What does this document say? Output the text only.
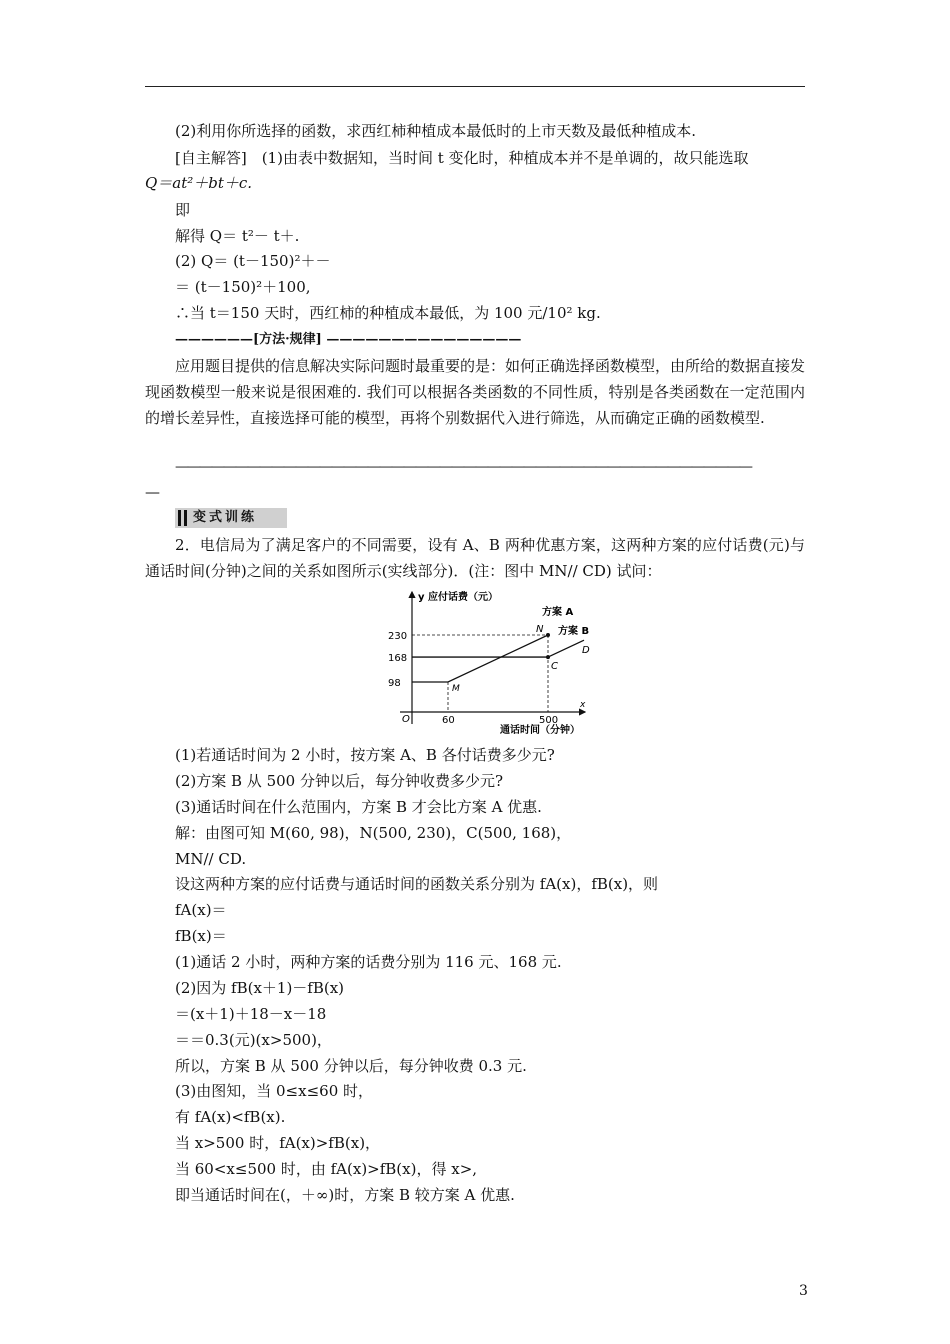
(2)利用你所选择的函数，求西红柿种植成本最低时的上市天数及最低种植成本.
[自主解答]　(1)由表中数据知，当时间 t 变化时，种植成本并不是单调的，故只能选取
Q＝at²＋bt＋c.
即
解得 Q＝ t²－ t＋.
(2) Q＝ (t－150)²＋－
＝ (t－150)²＋100,
∴当 t＝150 天时，西红柿的种植成本最低，为 100 元/10² kg.
——————[方法·规律] ———————————————
应用题目提供的信息解决实际问题时最重要的是：如何正确选择函数模型，由所给的数据直接发现函数模型一般来说是很困难的. 我们可以根据各类函数的不同性质，特别是各类函数在一定范围内的增长差异性，直接选择可能的模型，再将个别数据代入进行筛选，从而确定正确的函数模型.
————————————————————————————————————————————————
—
变式训练
2．电信局为了满足客户的不同需要，设有 A、B 两种优惠方案，这两种方案的应付话费(元)与通话时间(分钟)之间的关系如图所示(实线部分)．(注：图中 MN// CD) 试问：
y 应付话费（元）
x
O
通话时间（分钟）
60	500
230
168
98
N
C
M
D
方案 A
方案 B
(1)若通话时间为 2 小时，按方案 A、B 各付话费多少元?
(2)方案 B 从 500 分钟以后，每分钟收费多少元?
(3)通话时间在什么范围内，方案 B 才会比方案 A 优惠.
解：由图可知 M(60, 98)，N(500, 230)，C(500, 168)，
MN// CD.
设这两种方案的应付话费与通话时间的函数关系分别为 fA(x)，fB(x)，则
fA(x)＝
fB(x)＝
(1)通话 2 小时，两种方案的话费分别为 116 元、168 元.
(2)因为 fB(x＋1)－fB(x)
＝(x＋1)＋18－x－18
＝＝0.3(元)(x>500)，
所以，方案 B 从 500 分钟以后，每分钟收费 0.3 元.
(3)由图知，当 0≤x≤60 时，
有 fA(x)<fB(x).
当 x>500 时，fA(x)>fB(x)，
当 60<x≤500 时，由 fA(x)>fB(x)，得 x>,
即当通话时间在(，＋∞)时，方案 B 较方案 A 优惠.
3
